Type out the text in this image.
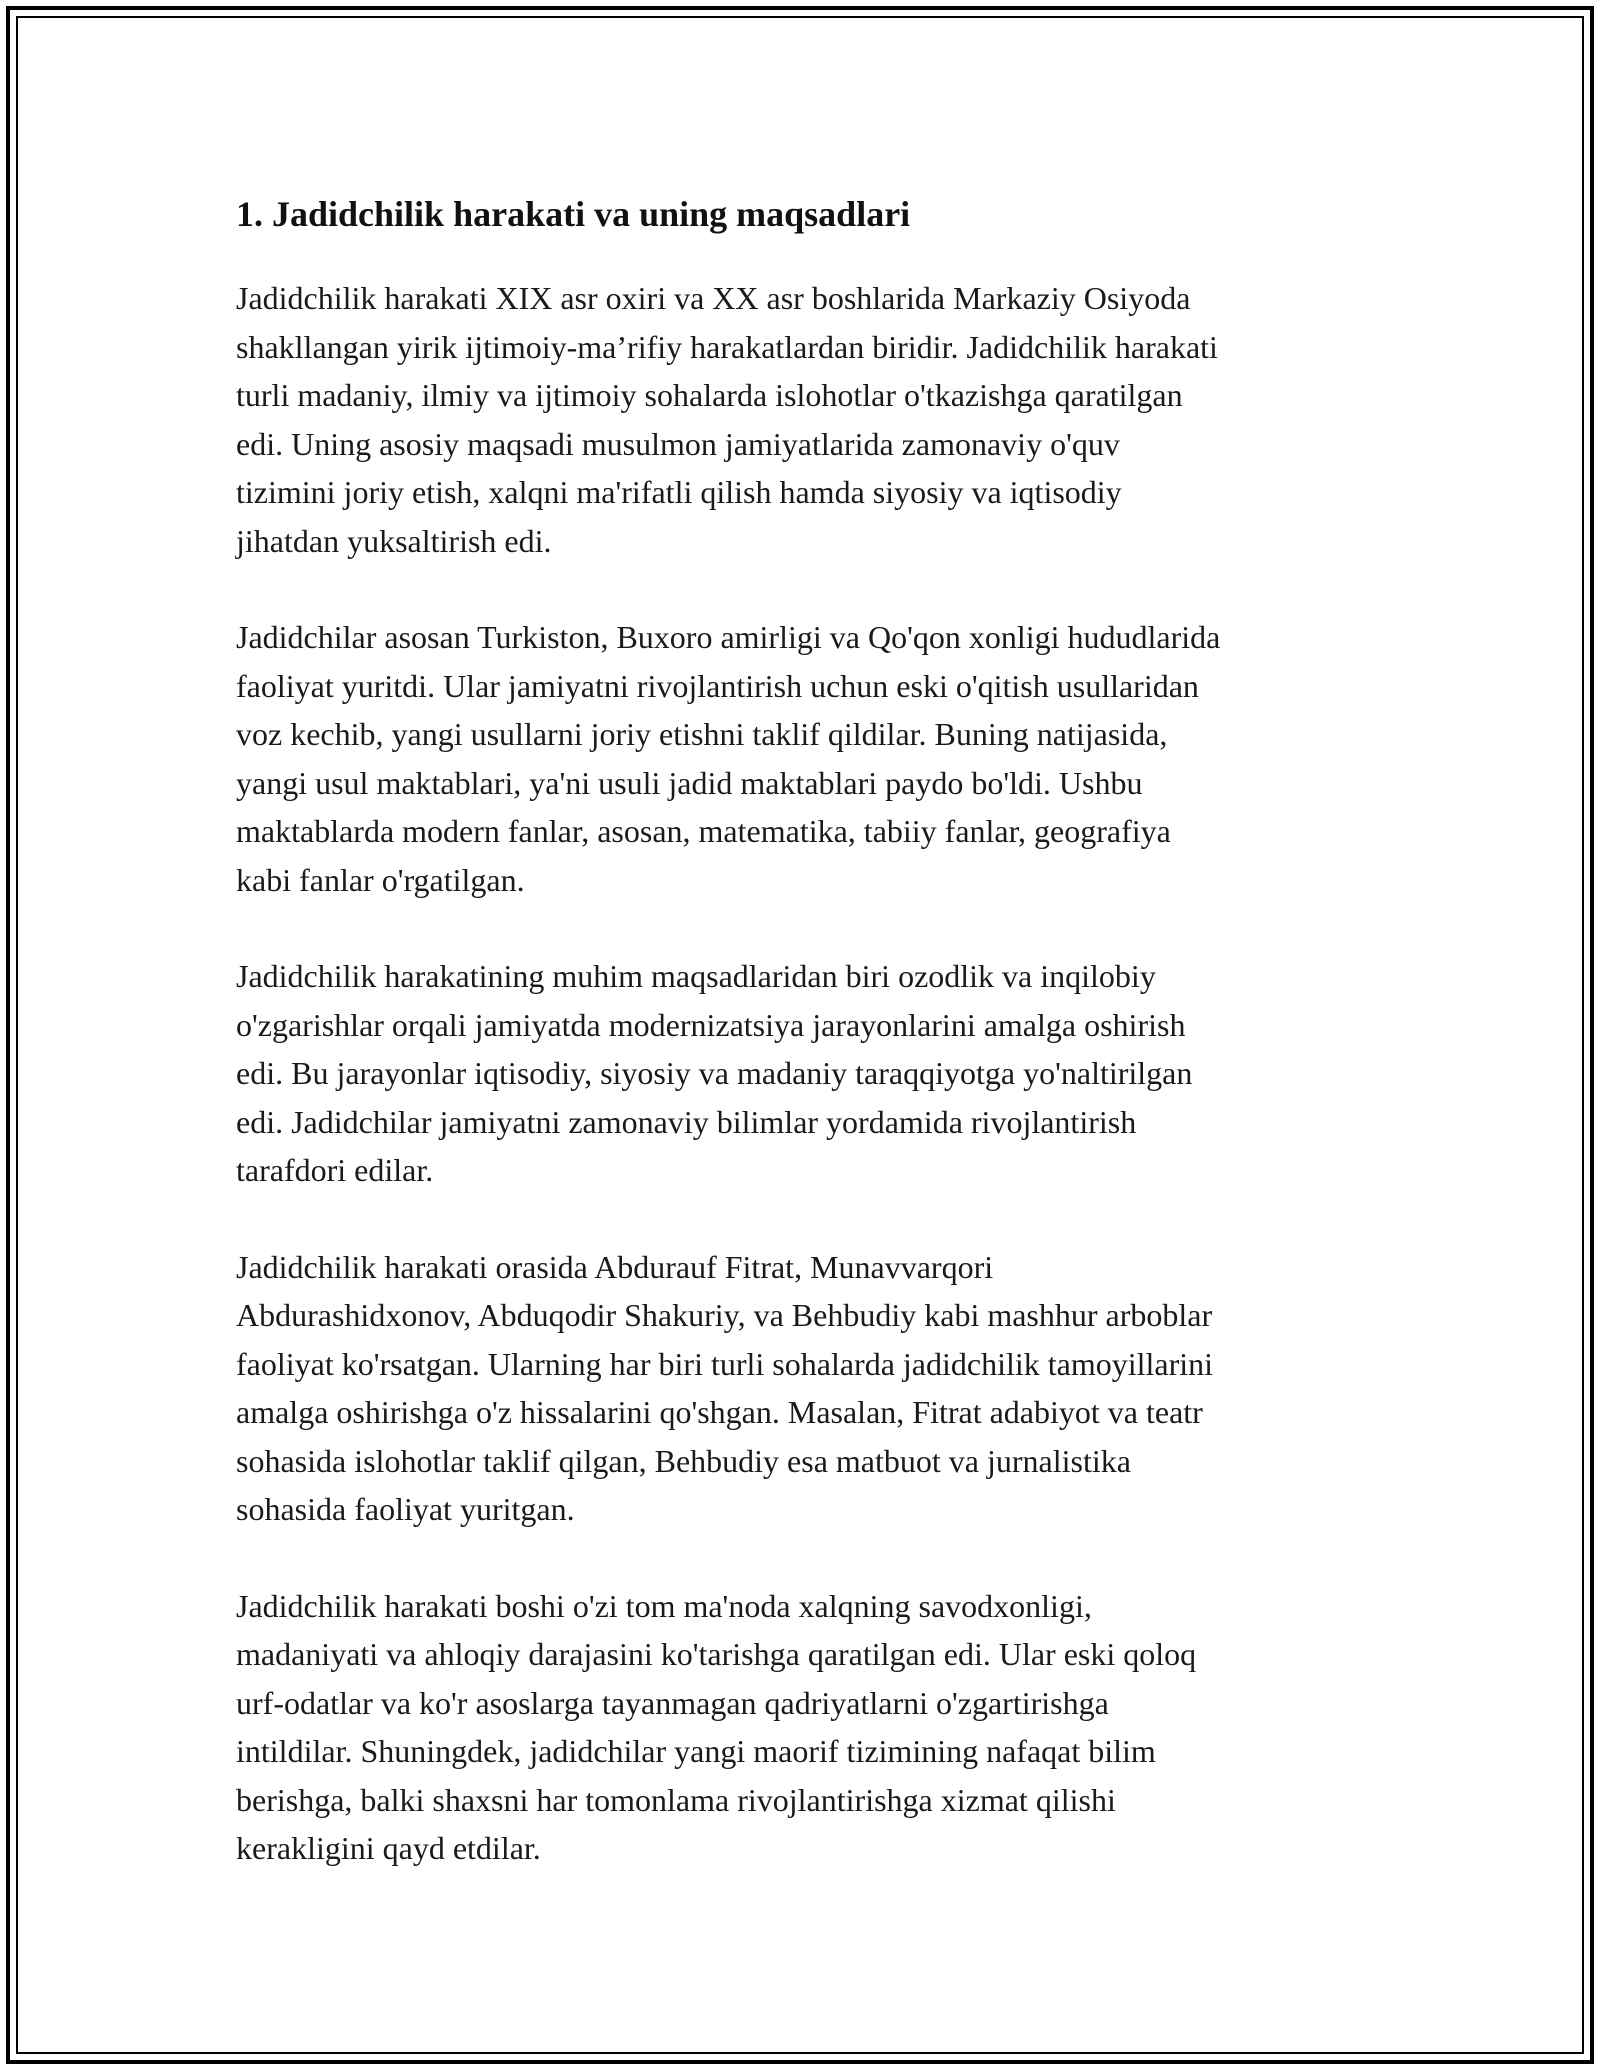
1. Jadidchilik harakati va uning maqsadlari
Jadidchilik harakati XIX asr oxiri va XX asr boshlarida Markaziy Osiyoda
shakllangan yirik ijtimoiy-ma’rifiy harakatlardan biridir. Jadidchilik harakati
turli madaniy, ilmiy va ijtimoiy sohalarda islohotlar o'tkazishga qaratilgan
edi. Uning asosiy maqsadi musulmon jamiyatlarida zamonaviy o'quv
tizimini joriy etish, xalqni ma'rifatli qilish hamda siyosiy va iqtisodiy
jihatdan yuksaltirish edi.
Jadidchilar asosan Turkiston, Buxoro amirligi va Qo'qon xonligi hududlarida
faoliyat yuritdi. Ular jamiyatni rivojlantirish uchun eski o'qitish usullaridan
voz kechib, yangi usullarni joriy etishni taklif qildilar. Buning natijasida,
yangi usul maktablari, ya'ni usuli jadid maktablari paydo bo'ldi. Ushbu
maktablarda modern fanlar, asosan, matematika, tabiiy fanlar, geografiya
kabi fanlar o'rgatilgan.
Jadidchilik harakatining muhim maqsadlaridan biri ozodlik va inqilobiy
o'zgarishlar orqali jamiyatda modernizatsiya jarayonlarini amalga oshirish
edi. Bu jarayonlar iqtisodiy, siyosiy va madaniy taraqqiyotga yo'naltirilgan
edi. Jadidchilar jamiyatni zamonaviy bilimlar yordamida rivojlantirish
tarafdori edilar.
Jadidchilik harakati orasida Abdurauf Fitrat, Munavvarqori
Abdurashidxonov, Abduqodir Shakuriy, va Behbudiy kabi mashhur arboblar
faoliyat ko'rsatgan. Ularning har biri turli sohalarda jadidchilik tamoyillarini
amalga oshirishga o'z hissalarini qo'shgan. Masalan, Fitrat adabiyot va teatr
sohasida islohotlar taklif qilgan, Behbudiy esa matbuot va jurnalistika
sohasida faoliyat yuritgan.
Jadidchilik harakati boshi o'zi tom ma'noda xalqning savodxonligi,
madaniyati va ahloqiy darajasini ko'tarishga qaratilgan edi. Ular eski qoloq
urf-odatlar va ko'r asoslarga tayanmagan qadriyatlarni o'zgartirishga
intildilar. Shuningdek, jadidchilar yangi maorif tizimining nafaqat bilim
berishga, balki shaxsni har tomonlama rivojlantirishga xizmat qilishi
kerakligini qayd etdilar.
